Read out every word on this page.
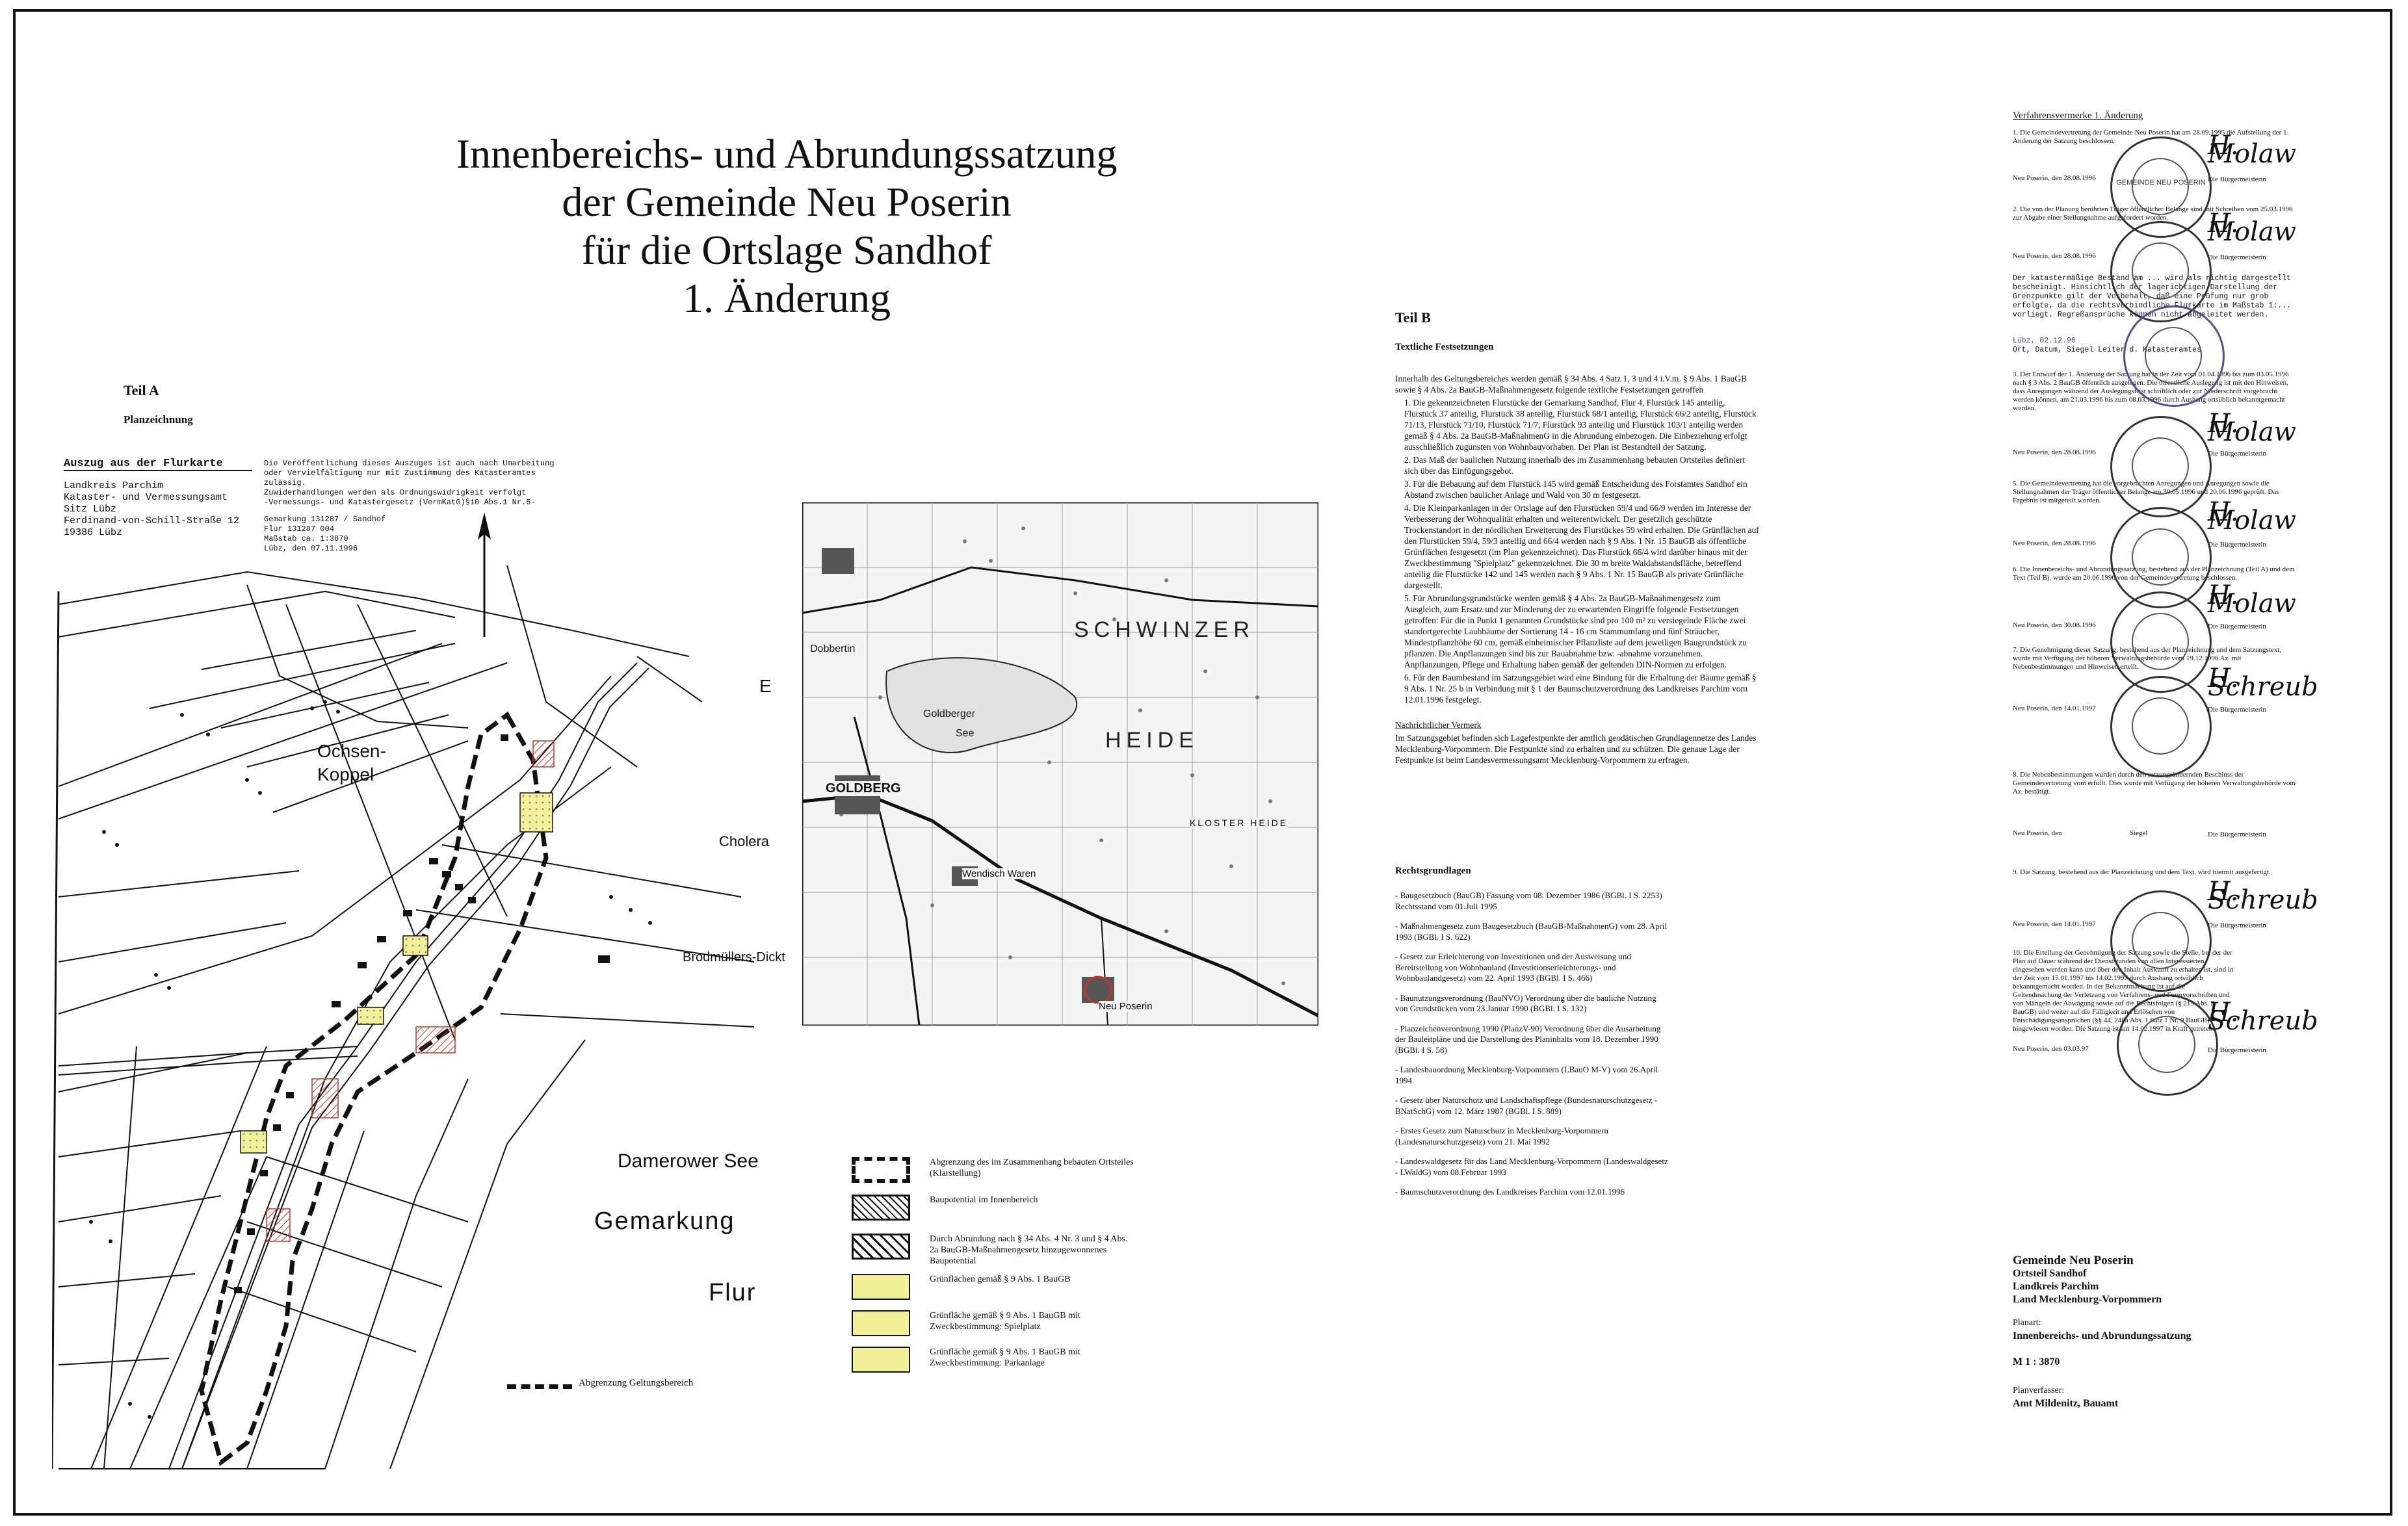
Innenbereichs- und Abrundungssatzung
der Gemeinde Neu Poserin
für die Ortslage Sandhof
1. Änderung
Teil A
Planzeichnung
Auszug aus der Flurkarte
Landkreis Parchim
Kataster- und Vermessungsamt
Sitz Lübz
Ferdinand-von-Schill-Straße 12
19386 Lübz
Die Veröffentlichung dieses Auszuges ist auch nach Umarbeitung
oder Vervielfältigung nur mit Zustimmung des Katasteramtes zulässig.
Zuwiderhandlungen werden als Ordnungswidrigkeit verfolgt
-Vermessungs- und Katastergesetz (VermKatG)§10 Abs.1 Nr.5-
Gemarkung 131287 / Sandhof
Flur 131287 004
Maßstab ca. 1:3870
Lübz, den 07.11.1996
Ochsen-
Koppel
Cholera
Brodmüllers-Dickt
E
Damerower See
Gemarkung
Flur
Abgrenzung Geltungsbereich
SCHWINZER
HEIDE
GOLDBERG
Dobbertin
Goldberger
See
Wendisch Waren
Neu Poserin
KLOSTER HEIDE
Abgrenzung des im Zusammenhang bebauten Ortsteiles (Klarstellung)
Baupotential im Innenbereich
Durch Abrundung nach § 34 Abs. 4 Nr. 3 und § 4 Abs. 2a BauGB-Maßnahmengesetz hinzugewonnenes Baupotential
Grünflächen gemäß § 9 Abs. 1 BauGB
Grünfläche gemäß § 9 Abs. 1 BauGB mit Zweckbestimmung: Spielplatz
Grünfläche gemäß § 9 Abs. 1 BauGB mit Zweckbestimmung: Parkanlage
Teil B
Textliche Festsetzungen

Innerhalb des Geltungsbereiches werden gemäß § 34 Abs. 4 Satz 1, 3 und 4 i.V.m. § 9 Abs. 1 BauGB sowie § 4 Abs. 2a BauGB-Maßnahmengesetz folgende textliche Festsetzungen getroffen

1. Die gekennzeichneten Flurstücke der Gemarkung Sandhof, Flur 4, Flurstück 145 anteilig, Flurstück 37 anteilig, Flurstück 38 anteilig, Flurstück 68/1 anteilig, Flurstück 66/2 anteilig, Flurstück 71/13, Flurstück 71/10, Flurstück 71/7, Flurstück 93 anteilig und Flurstück 103/1 anteilig werden gemäß § 4 Abs. 2a BauGB-MaßnahmenG in die Abrundung einbezogen. Die Einbeziehung erfolgt ausschließlich zugunsten von Wohnbauvorhaben. Der Plan ist Bestandteil der Satzung.

2. Das Maß der baulichen Nutzung innerhalb des im Zusammenhang bebauten Ortsteiles definiert sich über das Einfügungsgebot.

3. Für die Bebauung auf dem Flurstück 145 wird gemäß Entscheidung des Forstamtes Sandhof ein Abstand zwischen baulicher Anlage und Wald von 30 m festgesetzt.

4. Die Kleinparkanlagen in der Ortslage auf den Flurstücken 59/4 und 66/9 werden im Interesse der Verbesserung der Wohnqualität erhalten und weiterentwickelt. Der gesetzlich geschützte Trockenstandort in der nördlichen Erweiterung des Flurstückes 59 wird erhalten. Die Grünflächen auf den Flurstücken 59/4, 59/3 anteilig und 66/4 werden nach § 9 Abs. 1 Nr. 15 BauGB als öffentliche Grünflächen festgesetzt (im Plan gekennzeichnet). Das Flurstück 66/4 wird darüber hinaus mit der Zweckbestimmung "Spielplatz" gekennzeichnet. Die 30 m breite Waldabstandsfläche, betreffend anteilig die Flurstücke 142 und 145 werden nach § 9 Abs. 1 Nr. 15 BauGB als private Grünfläche dargestellt.

5. Für Abrundungsgrundstücke werden gemäß § 4 Abs. 2a BauGB-Maßnahmengesetz zum Ausgleich, zum Ersatz und zur Minderung der zu erwartenden Eingriffe folgende Festsetzungen getroffen: Für die in Punkt 1 genannten Grundstücke sind pro 100 m² zu versiegelnde Fläche zwei standortgerechte Laubbäume der Sortierung 14 - 16 cm Stammumfang und fünf Sträucher, Mindestpflanzhöhe 60 cm, gemäß einheimischer Pflanzliste auf dem jeweiligen Baugrundstück zu pflanzen. Die Anpflanzungen sind bis zur Bauabnahme bzw. -abnahme vorzunehmen. Anpflanzungen, Pflege und Erhaltung haben gemäß der geltenden DIN-Normen zu erfolgen.

6. Für den Baumbestand im Satzungsgebiet wird eine Bindung für die Erhaltung der Bäume gemäß § 9 Abs. 1 Nr. 25 b in Verbindung mit § 1 der Baumschutzverordnung des Landkreises Parchim vom 12.01.1996 festgelegt.

Nachrichtlicher Vermerk

Im Satzungsgebiet befinden sich Lagefestpunkte der amtlich geodätischen Grundlagennetze des Landes Mecklenburg-Vorpommern. Die Festpunkte sind zu erhalten und zu schützen. Die genaue Lage der Festpunkte ist beim Landesvermessungsamt Mecklenburg-Vorpommern zu erfragen.

Rechtsgrundlagen
- Baugesetzbuch (BauGB) Fassung vom 08. Dezember 1986 (BGBl. I S. 2253) Rechtsstand vom 01.Juli 1995
- Maßnahmengesetz zum Baugesetzbuch (BauGB-MaßnahmenG) vom 28. April 1993 (BGBl. I S. 622)
- Gesetz zur Erleichterung von Investitionen und der Ausweisung und Bereitstellung von Wohnbauland (Investitionserleichterungs- und Wohnbaulandgesetz) vom 22. April 1993 (BGBl. I S. 466)
- Baunutzungsverordnung (BauNVO) Verordnung über die bauliche Nutzung von Grundstücken vom 23.Januar 1990 (BGBl. I S. 132)
- Planzeichenverordnung 1990 (PlanzV-90) Verordnung über die Ausarbeitung der Bauleitpläne und die Darstellung des Planinhalts vom 18. Dezember 1990 (BGBl. I S. 58)
- Landesbauordnung Mecklenburg-Vorpommern (LBauO M-V) vom 26.April 1994
- Gesetz über Naturschutz und Landschaftspflege (Bundesnaturschutzgesetz - BNatSchG) vom 12. März 1987 (BGBl. I S. 889)
- Erstes Gesetz zum Naturschutz in Mecklenburg-Vorpommern (Landesnaturschutzgesetz) vom 21. Mai 1992
- Landeswaldgesetz für das Land Mecklenburg-Vorpommern (Landeswaldgesetz - LWaldG) vom 08.Februar 1993
- Baumschutzverordnung des Landkreises Parchim vom 12.01.1996
Verfahrensvermerke 1. Änderung
1. Die Gemeindevertretung der Gemeinde Neu Poserin hat am 28.09.1995 die Aufstellung der 1. Änderung der Satzung beschlossen.
Neu Poserin, den 28.08.1996	Die Bürgermeisterin
H. Molaw
2. Die von der Planung berührten Träger öffentlicher Belange sind mit Schreiben vom 25.03.1996 zur Abgabe einer Stellungnahme aufgefordert worden.
Neu Poserin, den 28.08.1996	Die Bürgermeisterin
H. Molaw
Der katastermäßige Bestand am ... wird als richtig dargestellt bescheinigt. Hinsichtlich der lagerichtigen Darstellung der Grenzpunkte gilt der Vorbehalt, daß eine Prüfung nur grob erfolgte, da die rechtsverbindliche Flurkarte im Maßstab 1:... vorliegt. Regreßansprüche können nicht abgeleitet werden.
Lübz, 02.12.96
Ort, Datum, Siegel Leiter d. Katasteramtes
3. Der Entwurf der 1. Änderung der Satzung hat in der Zeit vom 01.04.1996 bis zum 03.05.1996 nach § 3 Abs. 2 BauGB öffentlich ausgelegen. Die öffentliche Auslegung ist mit den Hinweisen, dass Anregungen während der Auslegungsfrist schriftlich oder zur Niederschrift vorgebracht werden können, am 21.03.1996 bis zum 08.03.1996 durch Aushang ortsüblich bekanntgemacht worden.
Neu Poserin, den 28.08.1996	Die Bürgermeisterin
H. Molaw
5. Die Gemeindevertretung hat die vorgebrachten Anregungen und Anregungen sowie die Stellungnahmen der Träger öffentlicher Belange am 30.05.1996 und 20.06.1996 geprüft. Das Ergebnis ist mitgeteilt worden.
Neu Poserin, den 28.08.1996	Die Bürgermeisterin
H. Molaw
6. Die Innenbereichs- und Abrundungssatzung, bestehend aus der Planzeichnung (Teil A) und dem Text (Teil B), wurde am 20.06.1996 von der Gemeindevertretung beschlossen.
Neu Poserin, den 30.08.1996	Die Bürgermeisterin
H. Molaw
7. Die Genehmigung dieser Satzung, bestehend aus der Planzeichnung und dem Satzungstext, wurde mit Verfügung der höheren Verwaltungsbehörde vom 19.12.1996 Az. mit Nebenbestimmungen und Hinweisen erteilt.
Neu Poserin, den 14.01.1997	Die Bürgermeisterin
H. Schreub
8. Die Nebenbestimmungen wurden durch den satzungsändernden Beschluss der Gemeindevertretung vom erfüllt. Dies wurde mit Verfügung der höheren Verwaltungsbehörde vom Az. bestätigt.
Neu Poserin, den	Siegel	Die Bürgermeisterin
9. Die Satzung, bestehend aus der Planzeichnung und dem Text, wird hiermit ausgefertigt.
Neu Poserin, den 14.01.1997	Die Bürgermeisterin
H. Schreub
10. Die Erteilung der Genehmigung der Satzung sowie die Stelle, bei der der Plan auf Dauer während der Dienststunden von allen Interessierten eingesehen werden kann und über den Inhalt Auskunft zu erhalten ist, sind in der Zeit vom 15.01.1997 bis 14.02.1997 durch Aushang ortsüblich bekanntgemacht worden. In der Bekanntmachung ist auf die Geltendmachung der Verletzung von Verfahrens- und Formvorschriften und von Mängeln der Abwägung sowie auf die Rechtsfolgen (§ 215 Abs. 2 BauGB) und weiter auf die Fälligkeit und Erlöschen von Entschädigungsansprüchen (§§ 44, 246a Abs. 1 Satz 1 Nr. 9 BauGB) hingewiesen worden. Die Satzung ist am 14.02.1997 in Kraft getreten.
Neu Poserin, den 03.03.97	Die Bürgermeisterin
H. Schreub
GEMEINDE NEU POSERIN
Gemeinde Neu Poserin
Ortsteil Sandhof
Landkreis Parchim
Land Mecklenburg-Vorpommern
Planart:
Innenbereichs- und Abrundungssatzung
M 1 : 3870
Planverfasser:
Amt Mildenitz, Bauamt
